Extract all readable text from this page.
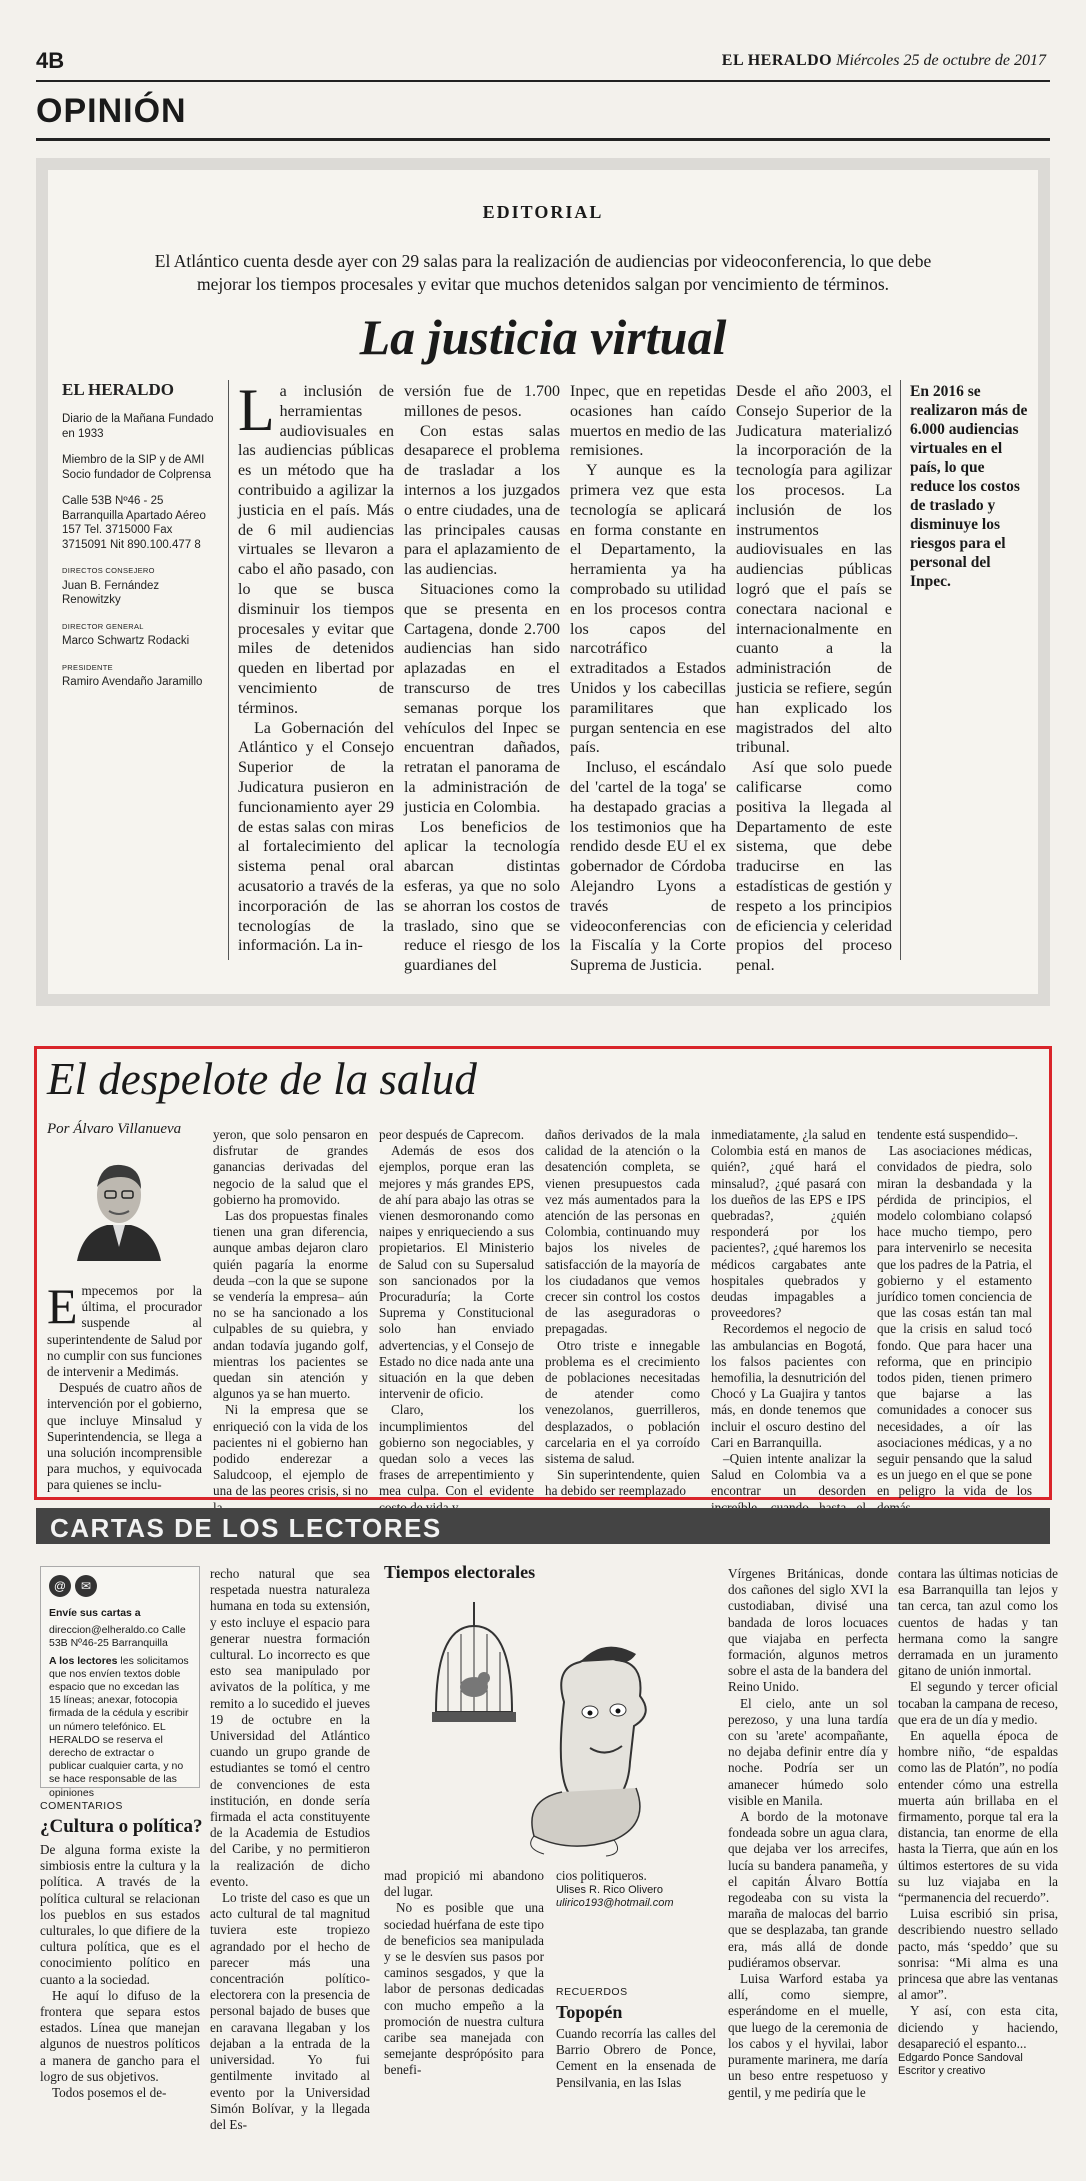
4B	EL HERALDO Miércoles 25 de octubre de 2017
OPINIÓN
EDITORIAL
El Atlántico cuenta desde ayer con 29 salas para la realización de audiencias por videoconferencia, lo que debe mejorar los tiempos procesales y evitar que muchos detenidos salgan por vencimiento de términos.
La justicia virtual
EL HERALDO

Diario de la Mañana Fundado en 1933

Miembro de la SIP y de AMI Socio fundador de Colprensa

Calle 53B Nº46 - 25 Barranquilla Apartado Aéreo 157 Tel. 3715000 Fax 3715091 Nit 890.100.477 8

DIRECTOS CONSEJERO

Juan B. Fernández Renowitzky

DIRECTOR GENERAL

Marco Schwartz Rodacki

PRESIDENTE

Ramiro Avendaño Jaramillo

La inclusión de herramientas audiovisuales en las audiencias públicas es un método que ha contribuido a agilizar la justicia en el país. Más de 6 mil audiencias virtuales se llevaron a cabo el año pasado, con lo que se busca disminuir los tiempos procesales y evitar que miles de detenidos queden en libertad por vencimiento de términos.

La Gobernación del Atlántico y el Consejo Superior de la Judicatura pusieron en funcionamiento ayer 29 de estas salas con miras al fortalecimiento del sistema penal oral acusatorio a través de la incorporación de las tecnologías de la información. La in-

versión fue de 1.700 millones de pesos.

Con estas salas desaparece el problema de trasladar a los internos a los juzgados o entre ciudades, una de las principales causas para el aplazamiento de las audiencias.

Situaciones como la que se presenta en Cartagena, donde 2.700 audiencias han sido aplazadas en el transcurso de tres semanas porque los vehículos del Inpec se encuentran dañados, retratan el panorama de la administración de justicia en Colombia.

Los beneficios de aplicar la tecnología abarcan distintas esferas, ya que no solo se ahorran los costos de traslado, sino que se reduce el riesgo de los guardianes del

Inpec, que en repetidas ocasiones han caído muertos en medio de las remisiones.

Y aunque es la primera vez que esta tecnología se aplicará en forma constante en el Departamento, la herramienta ya ha comprobado su utilidad en los procesos contra los capos del narcotráfico extraditados a Estados Unidos y los cabecillas paramilitares que purgan sentencia en ese país.

Incluso, el escándalo del 'cartel de la toga' se ha destapado gracias a los testimonios que ha rendido desde EU el ex gobernador de Córdoba Alejandro Lyons a través de videoconferencias con la Fiscalía y la Corte Suprema de Justicia.

Desde el año 2003, el Consejo Superior de la Judicatura materializó la incorporación de la tecnología para agilizar los procesos. La inclusión de los instrumentos audiovisuales en las audiencias públicas logró que el país se conectara nacional e internacionalmente en cuanto a la administración de justicia se refiere, según han explicado los magistrados del alto tribunal.

Así que solo puede calificarse como positiva la llegada al Departamento de este sistema, que debe traducirse en las estadísticas de gestión y respeto a los principios de eficiencia y celeridad propios del proceso penal.

En 2016 se realizaron más de 6.000 audiencias virtuales en el país, lo que reduce los costos de traslado y disminuye los riesgos para el personal del Inpec.
El despelote de la salud
Por Álvaro Villanueva

Empecemos por la última, el procurador suspende al superintendente de Salud por no cumplir con sus funciones de intervenir a Medimás.

Después de cuatro años de intervención por el gobierno, que incluye Minsalud y Superintendencia, se llega a una solución incomprensible para muchos, y equivocada para quienes se inclu-

yeron, que solo pensaron en disfrutar de grandes ganancias derivadas del negocio de la salud que el gobierno ha promovido.

Las dos propuestas finales tienen una gran diferencia, aunque ambas dejaron claro quién pagaría la enorme deuda –con la que se supone se vendería la empresa– aún no se ha sancionado a los culpables de su quiebra, y andan todavía jugando golf, mientras los pacientes se quedan sin atención y algunos ya se han muerto.

Ni la empresa que se enriqueció con la vida de los pacientes ni el gobierno han podido enderezar a Saludcoop, el ejemplo de una de las peores crisis, si no

peor después de Caprecom.

Además de esos dos ejemplos, porque eran las mejores y más grandes EPS, de ahí para abajo las otras se vienen desmoronando como naipes y enriqueciendo a sus propietarios. El Ministerio de Salud con su Supersalud son sancionados por la Procuraduría; la Corte Suprema y Constitucional solo han enviado advertencias, y el Consejo de Estado no dice nada ante una situación en la que deben intervenir de oficio.

Claro, los incumplimientos del gobierno son negociables, y quedan solo a veces las frases de arrepentimiento y mea culpa. Con el evidente

daños derivados de la mala calidad de la atención o la desatención completa, se vienen presupuestos cada vez más aumentados para la atención de las personas en Colombia, continuando muy bajos los niveles de satisfacción de la mayoría de los ciudadanos que vemos crecer sin control los costos de las aseguradoras o prepagadas.

Otro triste e innegable problema es el crecimiento de poblaciones necesitadas de atender como venezolanos, guerrilleros, desplazados, o población carcelaria en el ya corroído sistema de salud.

Sin superintendente, quien ha debido ser reemplazado

inmediatamente, ¿la salud en Colombia está en manos de quién?, ¿qué hará el minsalud?, ¿qué pasará con los dueños de las EPS e IPS quebradas?, ¿quién responderá por los pacientes?, ¿qué haremos los médicos cargabates ante hospitales quebrados y deudas impagables a proveedores?

Recordemos el negocio de las ambulancias en Bogotá, los falsos pacientes con hemofilia, la desnutrición del Chocó y La Guajira y tantos más, en donde tenemos que incluir el oscuro destino del Cari en Barranquilla.

–Quien intente analizar la Salud en Colombia va a encontrar un desorden

tendente está suspendido–.

Las asociaciones médicas, convidados de piedra, solo miran la desbandada y la pérdida de principios, el modelo colombiano colapsó hace mucho tiempo, pero para intervenirlo se necesita que los padres de la Patria, el gobierno y el estamento jurídico tomen conciencia de que las cosas están tan mal que la crisis en salud tocó fondo. Que para hacer una reforma, que en principio todos piden, tienen primero que bajarse a las comunidades a conocer sus necesidades, a oír las asociaciones médicas, y a no seguir pensando que la salud es un juego en el que se pone en peligro la vida de los

CARTAS DE LOS LECTORES
@	✉

Envíe sus cartas a

direccion@elheraldo.co Calle 53B Nº46-25 Barranquilla

A los lectores les solicitamos que nos envíen textos doble espacio que no excedan las 15 líneas; anexar, fotocopia firmada de la cédula y escribir un número telefónico. EL HERALDO se reserva el derecho de extractar o publicar cualquier carta, y no se hace responsable de las opiniones

COMENTARIOS
¿Cultura o política?

De alguna forma existe la simbiosis entre la cultura y la política. A través de la política cultural se relacionan los pueblos en sus estados culturales, lo que difiere de la cultura política, que es el conocimiento político en cuanto a la sociedad.

He aquí lo difuso de la frontera que separa estos estados. Línea que manejan algunos de nuestros políticos a manera de gancho para el logro de sus objetivos.

Todos posemos el de-

recho natural que sea respetada nuestra naturaleza humana en toda su extensión, y esto incluye el espacio para generar nuestra formación cultural. Lo incorrecto es que esto sea manipulado por avivatos de la política, y me remito a lo sucedido el jueves 19 de octubre en la Universidad del Atlántico cuando un grupo grande de estudiantes se tomó el centro de convenciones de esta institución, en donde sería firmada el acta constituyente de la Academia de Estudios del Caribe, y no permitieron la realización de dicho evento.

Lo triste del caso es que un acto cultural de tal magnitud tuviera este tropiezo agrandado por el hecho de parecer más una concentración político-electorera con la presencia de personal bajado de buses que en caravana llegaban y los dejaban a la entrada de la universidad. Yo fui gentilmente invitado al evento por la Universidad Simón Bolívar, y la llegada del Es-

Tiempos electorales

mad propició mi abandono del lugar.

No es posible que una sociedad huérfana de este tipo de beneficios sea manipulada y se le desvíen sus pasos por caminos sesgados, y que la labor de personas dedicadas con mucho empeño a la promoción de nuestra cultura caribe sea manejada con semejante desprópósito para benefi-

cios politiqueros.

Ulises R. Rico Olivero

ulirico193@hotmail.com

RECUERDOS
Topopén

Cuando recorría las calles del Barrio Obrero de Ponce, Cement en la ensenada de Pensilvania, en las Islas

Vírgenes Británicas, donde dos cañones del siglo XVI la custodiaban, divisé una bandada de loros locuaces que viajaba en perfecta formación, algunos metros sobre el asta de la bandera del Reino Unido.

El cielo, ante un sol perezoso, y una luna tardía con su 'arete' acompañante, no dejaba definir entre día y noche. Podría ser un amanecer húmedo solo visible en Manila.

A bordo de la motonave fondeada sobre un agua clara, que dejaba ver los arrecifes, lucía su bandera panameña, y el capitán Álvaro Bottía regodeaba con su vista la maraña de malocas del barrio que se desplazaba, tan grande era, más allá de donde pudiéramos observar.

Luisa Warford estaba ya allí, como siempre, esperándome en el muelle, que luego de la ceremonia de los cabos y el hyvilai, labor puramente marinera, me daría un beso entre respetuoso y gentil, y me pediría que le

contara las últimas noticias de esa Barranquilla tan lejos y tan cerca, tan azul como los cuentos de hadas y tan hermana como la sangre derramada en un juramento gitano de unión inmortal.

El segundo y tercer oficial tocaban la campana de receso, que era de un día y medio.

En aquella época de hombre niño, “de espaldas como las de Platón”, no podía entender cómo una estrella muerta aún brillaba en el firmamento, porque tal era la distancia, tan enorme de ella hasta la Tierra, que aún en los últimos estertores de su vida su luz viajaba en la “permanencia del recuerdo”.

Luisa escribió sin prisa, describiendo nuestro sellado pacto, más ‘speddo’ que su sonrisa: “Mi alma es una princesa que abre las ventanas al amor”.

Y así, con esta cita, diciendo y haciendo, desapareció el espanto...

Edgardo Ponce Sandoval

Escritor y creativo
